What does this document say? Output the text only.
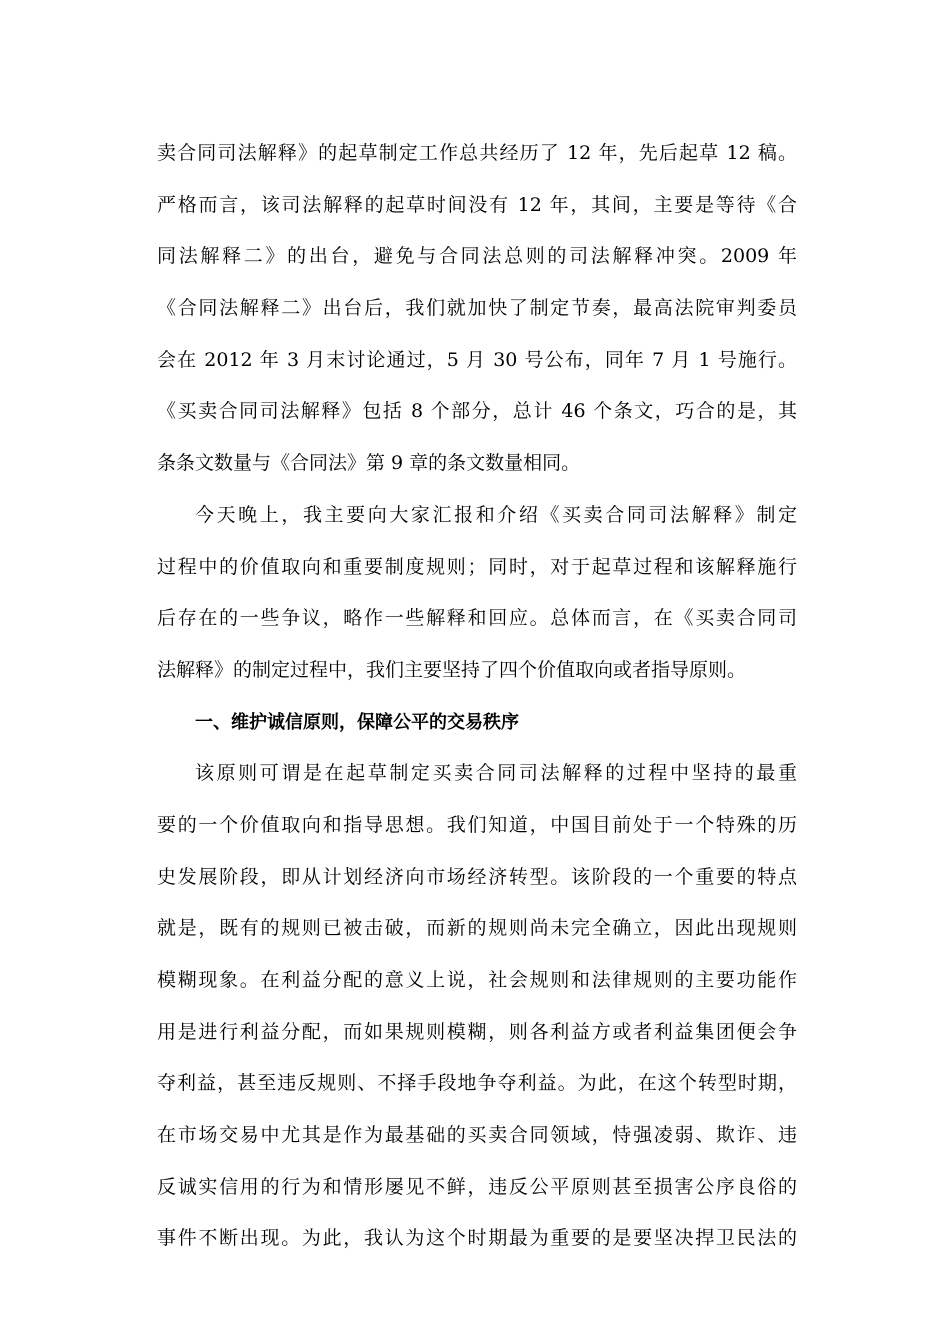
卖合同司法解释》的起草制定工作总共经历了 12 年，先后起草 12 稿。
严格而言，该司法解释的起草时间没有 12 年，其间，主要是等待《合
同法解释二》的出台，避免与合同法总则的司法解释冲突。2009 年
《合同法解释二》出台后，我们就加快了制定节奏，最高法院审判委员
会在 2012 年 3 月末讨论通过，5 月 30 号公布，同年 7 月 1 号施行。
《买卖合同司法解释》包括 8 个部分，总计 46 个条文，巧合的是，其
条条文数量与《合同法》第 9 章的条文数量相同。
今天晚上，我主要向大家汇报和介绍《买卖合同司法解释》制定
过程中的价值取向和重要制度规则；同时，对于起草过程和该解释施行
后存在的一些争议，略作一些解释和回应。总体而言，在《买卖合同司
法解释》的制定过程中，我们主要坚持了四个价值取向或者指导原则。
一、维护诚信原则，保障公平的交易秩序
该原则可谓是在起草制定买卖合同司法解释的过程中坚持的最重
要的一个价值取向和指导思想。我们知道，中国目前处于一个特殊的历
史发展阶段，即从计划经济向市场经济转型。该阶段的一个重要的特点
就是，既有的规则已被击破，而新的规则尚未完全确立，因此出现规则
模糊现象。在利益分配的意义上说，社会规则和法律规则的主要功能作
用是进行利益分配，而如果规则模糊，则各利益方或者利益集团便会争
夺利益，甚至违反规则、不择手段地争夺利益。为此，在这个转型时期，
在市场交易中尤其是作为最基础的买卖合同领域，恃强凌弱、欺诈、违
反诚实信用的行为和情形屡见不鲜，违反公平原则甚至损害公序良俗的
事件不断出现。为此，我认为这个时期最为重要的是要坚决捍卫民法的
